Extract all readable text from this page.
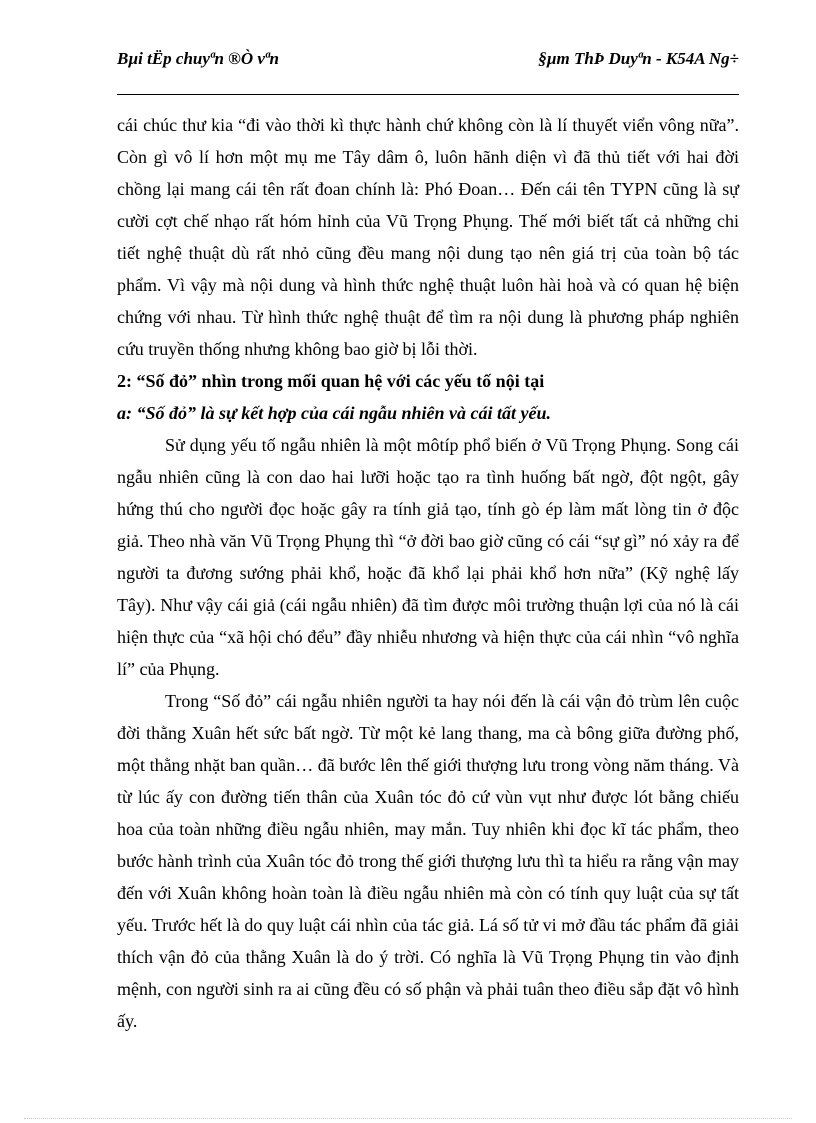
Bµi tËp chuyªn ®Ò vªn	§µm ThÞ Duyªn - K54A Ng÷

cái chúc thư kia “đi vào thời kì thực hành chứ không còn là lí thuyết viển vông nữa”. Còn gì vô lí hơn một mụ me Tây dâm ô, luôn hãnh diện vì đã thủ tiết với hai đời chồng lại mang cái tên rất đoan chính là: Phó Đoan… Đến cái tên TYPN cũng là sự cười cợt chế nhạo rất hóm hỉnh của Vũ Trọng Phụng. Thế mới biết tất cả những chi tiết nghệ thuật dù rất nhỏ cũng đều mang nội dung tạo nên giá trị của toàn bộ tác phẩm. Vì vậy mà nội dung và hình thức nghệ thuật luôn hài hoà và có quan hệ biện chứng với nhau. Từ hình thức nghệ thuật để tìm ra nội dung là phương pháp nghiên cứu truyền thống nhưng không bao giờ bị lỗi thời.

2: “Số đỏ” nhìn trong mối quan hệ với các yếu tố nội tại

a: “Số đỏ” là sự kết hợp của cái ngẫu nhiên và cái tất yếu.

Sử dụng yếu tố ngẫu nhiên là một môtíp phổ biến ở Vũ Trọng Phụng. Song cái ngẫu nhiên cũng là con dao hai lưỡi hoặc tạo ra tình huống bất ngờ, đột ngột, gây hứng thú cho người đọc hoặc gây ra tính giả tạo, tính gò ép làm mất lòng tin ở độc giả. Theo nhà văn Vũ Trọng Phụng thì “ở đời bao giờ cũng có cái “sự gì” nó xảy ra để người ta đương sướng phải khổ, hoặc đã khổ lại phải khổ hơn nữa” (Kỹ nghệ lấy Tây). Như vậy cái giả (cái ngẫu nhiên) đã tìm được môi trường thuận lợi của nó là cái hiện thực của “xã hội chó đểu” đầy nhiễu nhương và hiện thực của cái nhìn “vô nghĩa lí” của Phụng.

Trong “Số đỏ” cái ngẫu nhiên người ta hay nói đến là cái vận đỏ trùm lên cuộc đời thằng Xuân hết sức bất ngờ. Từ một kẻ lang thang, ma cà bông giữa đường phố, một thằng nhặt ban quần… đã bước lên thế giới thượng lưu trong vòng năm tháng. Và từ lúc ấy con đường tiến thân của Xuân tóc đỏ cứ vùn vụt như được lót bằng chiếu hoa của toàn những điều ngẫu nhiên, may mắn. Tuy nhiên khi đọc kĩ tác phẩm, theo bước hành trình của Xuân tóc đỏ trong thế giới thượng lưu thì ta hiểu ra rằng vận may đến với Xuân không hoàn toàn là điều ngẫu nhiên mà còn có tính quy luật của sự tất yếu. Trước hết là do quy luật cái nhìn của tác giả. Lá số tử vi mở đầu tác phẩm đã giải thích vận đỏ của thằng Xuân là do ý trời. Có nghĩa là Vũ Trọng Phụng tin vào định mệnh, con người sinh ra ai cũng đều có số phận và phải tuân theo điều sắp đặt vô hình ấy.
